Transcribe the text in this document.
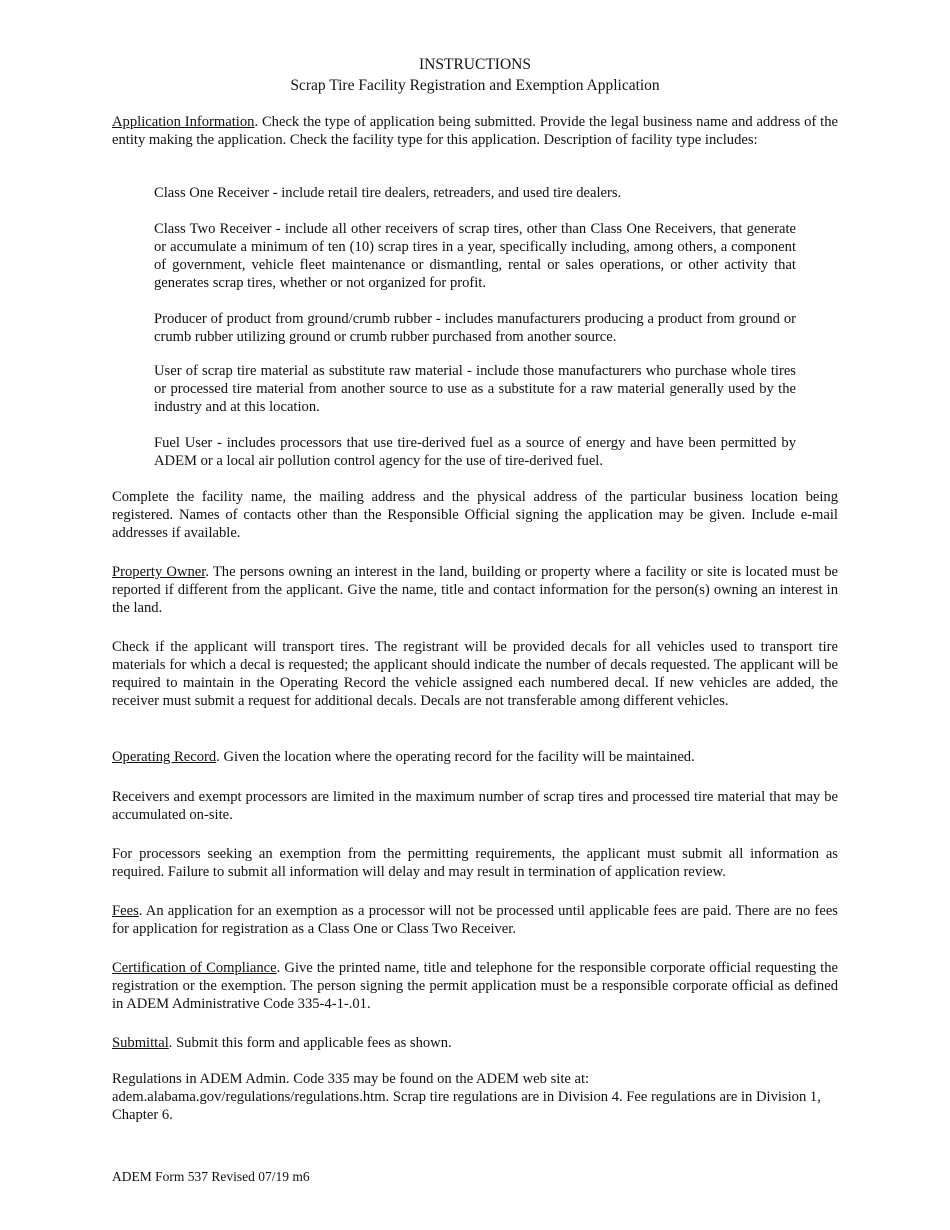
INSTRUCTIONS
Scrap Tire Facility Registration and Exemption Application
Application Information. Check the type of application being submitted. Provide the legal business name and address of the entity making the application. Check the facility type for this application. Description of facility type includes:
Class One Receiver - include retail tire dealers, retreaders, and used tire dealers.
Class Two Receiver - include all other receivers of scrap tires, other than Class One Receivers, that generate or accumulate a minimum of ten (10) scrap tires in a year, specifically including, among others, a component of government, vehicle fleet maintenance or dismantling, rental or sales operations, or other activity that generates scrap tires, whether or not organized for profit.
Producer of product from ground/crumb rubber - includes manufacturers producing a product from ground or crumb rubber utilizing ground or crumb rubber purchased from another source.
User of scrap tire material as substitute raw material - include those manufacturers who purchase whole tires or processed tire material from another source to use as a substitute for a raw material generally used by the industry and at this location.
Fuel User - includes processors that use tire-derived fuel as a source of energy and have been permitted by ADEM or a local air pollution control agency for the use of tire-derived fuel.
Complete the facility name, the mailing address and the physical address of the particular business location being registered. Names of contacts other than the Responsible Official signing the application may be given. Include e-mail addresses if available.
Property Owner. The persons owning an interest in the land, building or property where a facility or site is located must be reported if different from the applicant. Give the name, title and contact information for the person(s) owning an interest in the land.
Check if the applicant will transport tires. The registrant will be provided decals for all vehicles used to transport tire materials for which a decal is requested; the applicant should indicate the number of decals requested. The applicant will be required to maintain in the Operating Record the vehicle assigned each numbered decal. If new vehicles are added, the receiver must submit a request for additional decals. Decals are not transferable among different vehicles.
Operating Record. Given the location where the operating record for the facility will be maintained.
Receivers and exempt processors are limited in the maximum number of scrap tires and processed tire material that may be accumulated on-site.
For processors seeking an exemption from the permitting requirements, the applicant must submit all information as required. Failure to submit all information will delay and may result in termination of application review.
Fees. An application for an exemption as a processor will not be processed until applicable fees are paid. There are no fees for application for registration as a Class One or Class Two Receiver.
Certification of Compliance. Give the printed name, title and telephone for the responsible corporate official requesting the registration or the exemption. The person signing the permit application must be a responsible corporate official as defined in ADEM Administrative Code 335-4-1-.01.
Submittal. Submit this form and applicable fees as shown.
Regulations in ADEM Admin. Code 335 may be found on the ADEM web site at:
adem.alabama.gov/regulations/regulations.htm. Scrap tire regulations are in Division 4. Fee regulations are in Division 1, Chapter 6.
ADEM Form 537 Revised 07/19 m6
